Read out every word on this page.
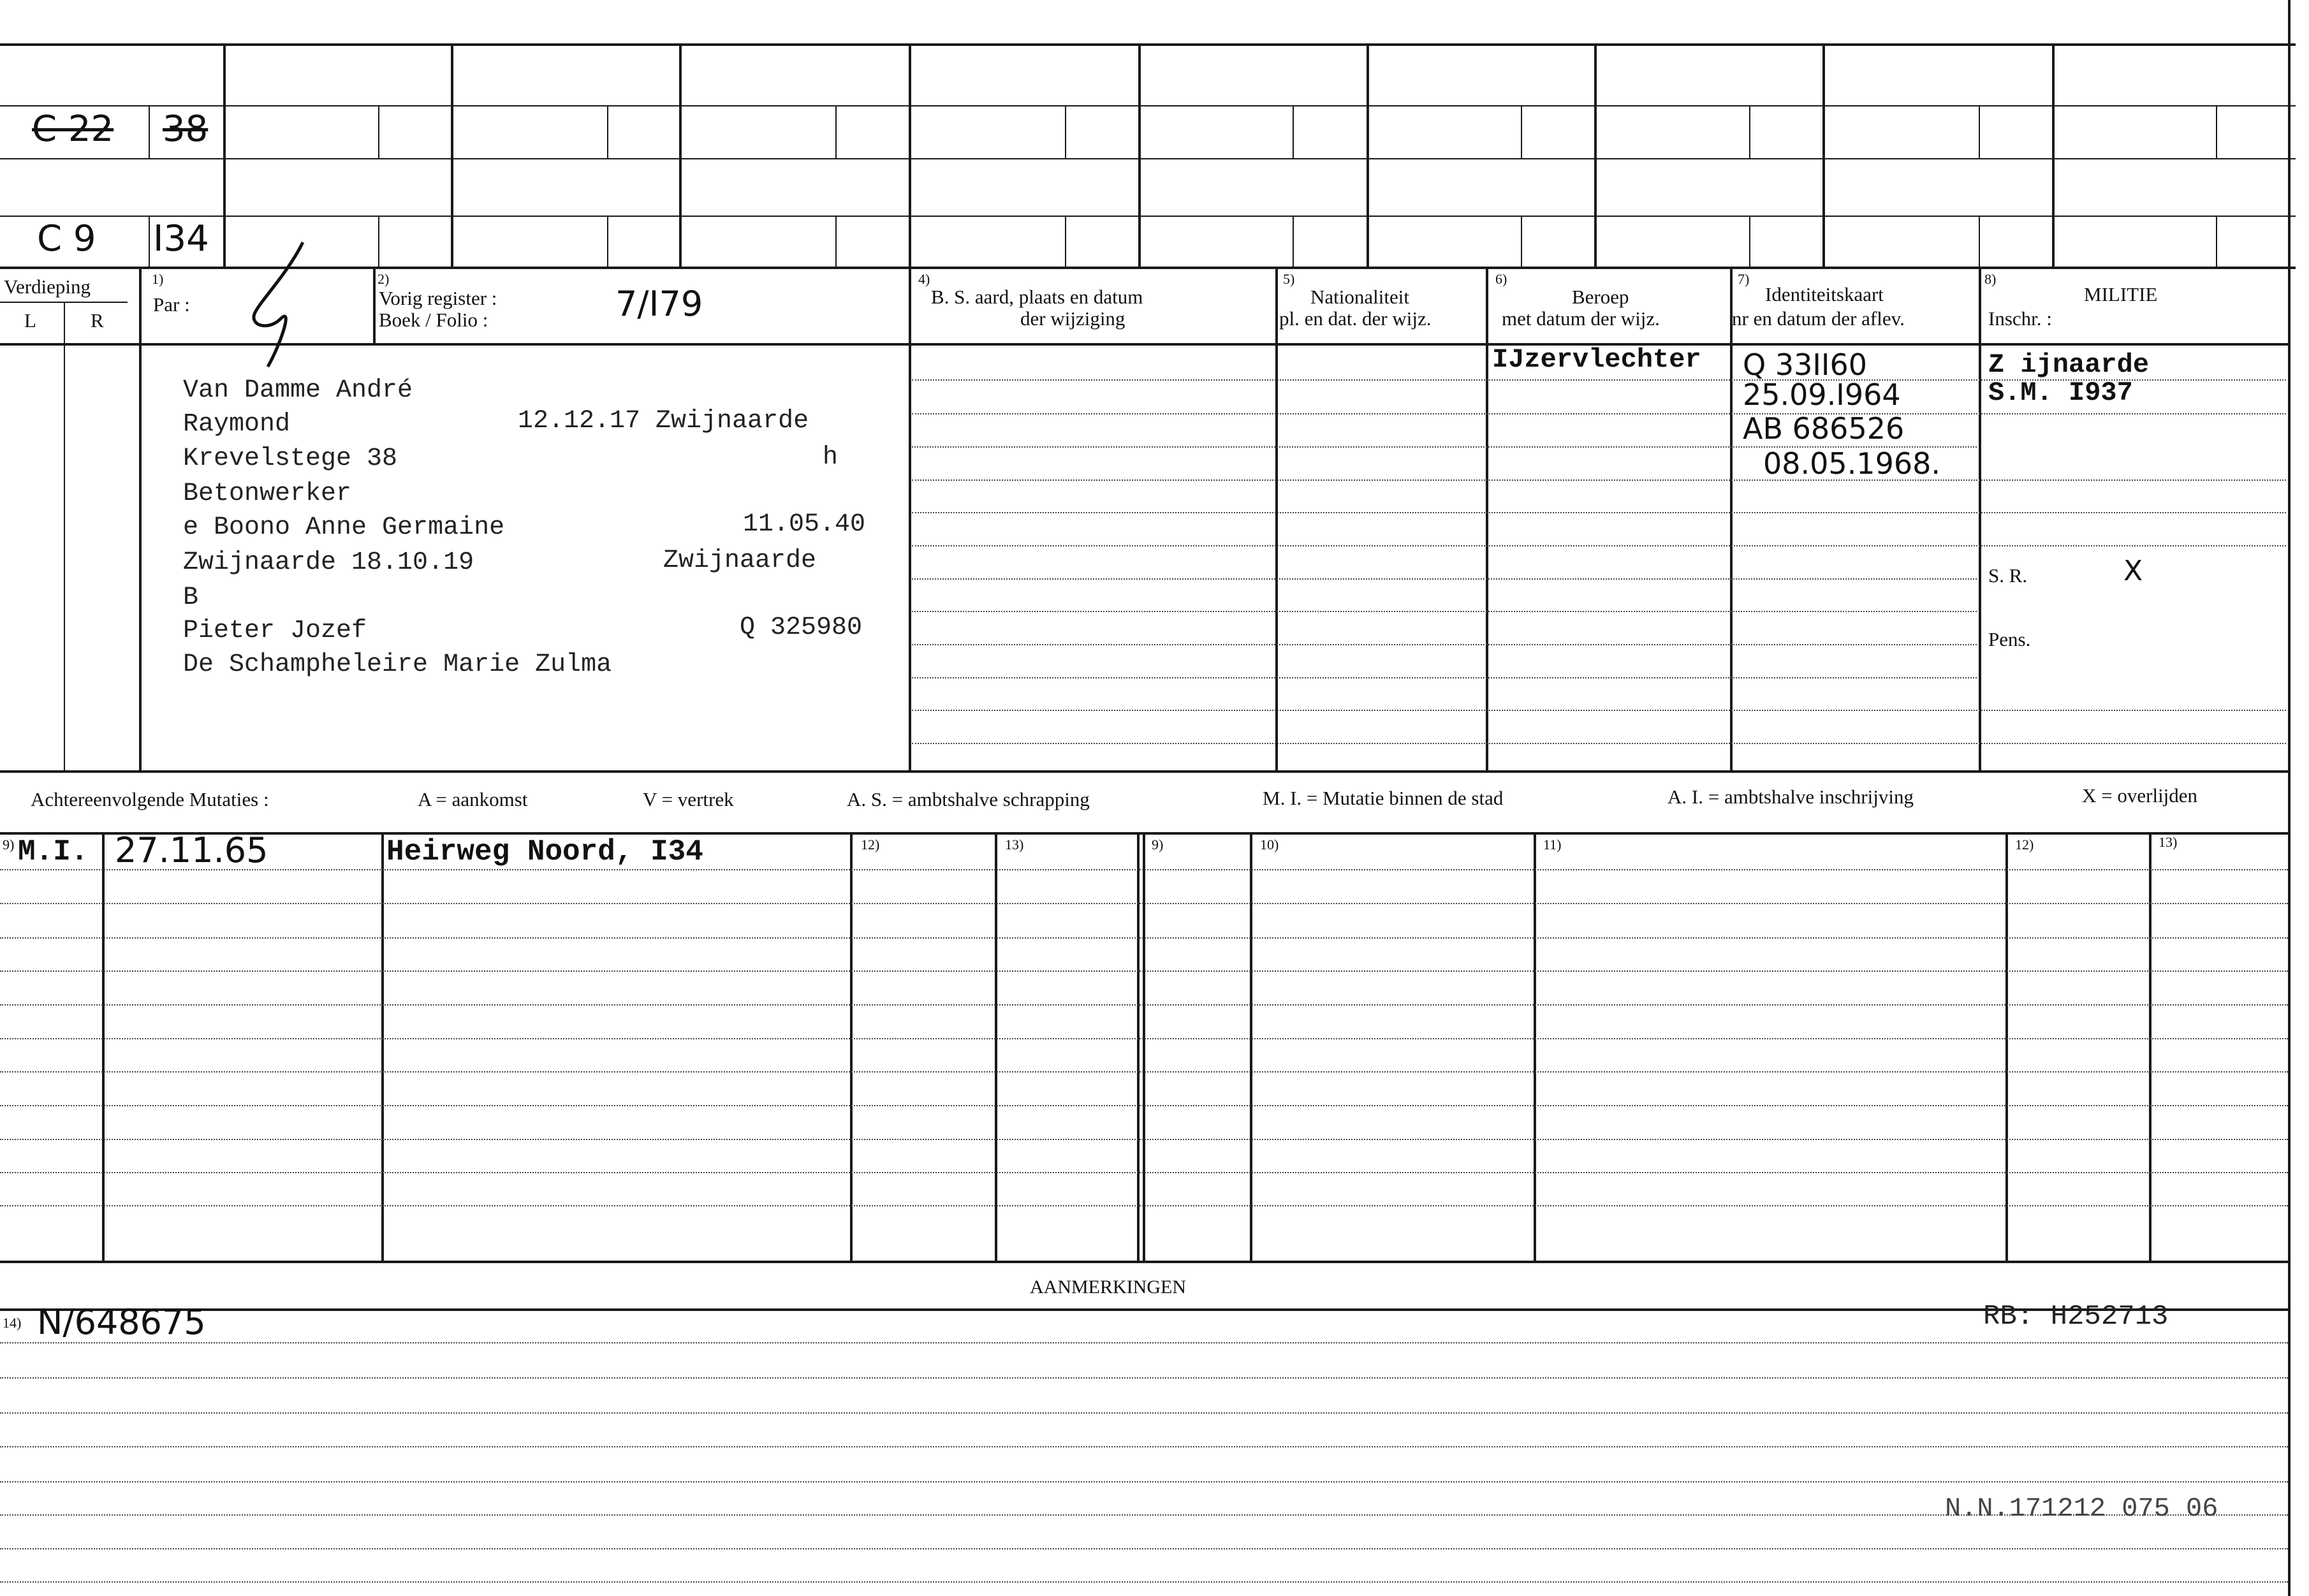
C 22 38
C 9 I34
Verdieping
L	R
1)
Par :
2)
Vorig register :
Boek / Folio :	7/I79
4)
B. S. aard, plaats en datum
der wijziging
5)
Nationaliteit
pl. en dat. der wijz.
6)
Beroep
met datum der wijz.
7)
Identiteitskaart
nr en datum der aflev.
8)
MILITIE
Inschr. :
Van Damme André
Raymond	12.12.17 Zwijnaarde
Krevelstege 38	h
Betonwerker
e Boono Anne Germaine	11.05.40
Zwijnaarde 18.10.19	Zwijnaarde
B
Pieter Jozef	Q 325980
De Schampheleire Marie Zulma
IJzervlechter Q 33II60
25.09.I964
AB 686526
08.05.1968.
Z ijnaarde
S.M. I937
S. R.	X
Pens.
Achtereenvolgende Mutaties :	A = aankomst	V = vertrek	A. S. = ambtshalve schrapping	M. I. = Mutatie binnen de stad	A. I. = ambtshalve inschrijving	X = overlijden
9)	12)	13)	9)	10)	11)	12)	13)
M.I. 27.11.65	Heirweg Noord, I34
AANMERKINGEN
14) N/648675	RB: H252713
N.N.171212 075 06
